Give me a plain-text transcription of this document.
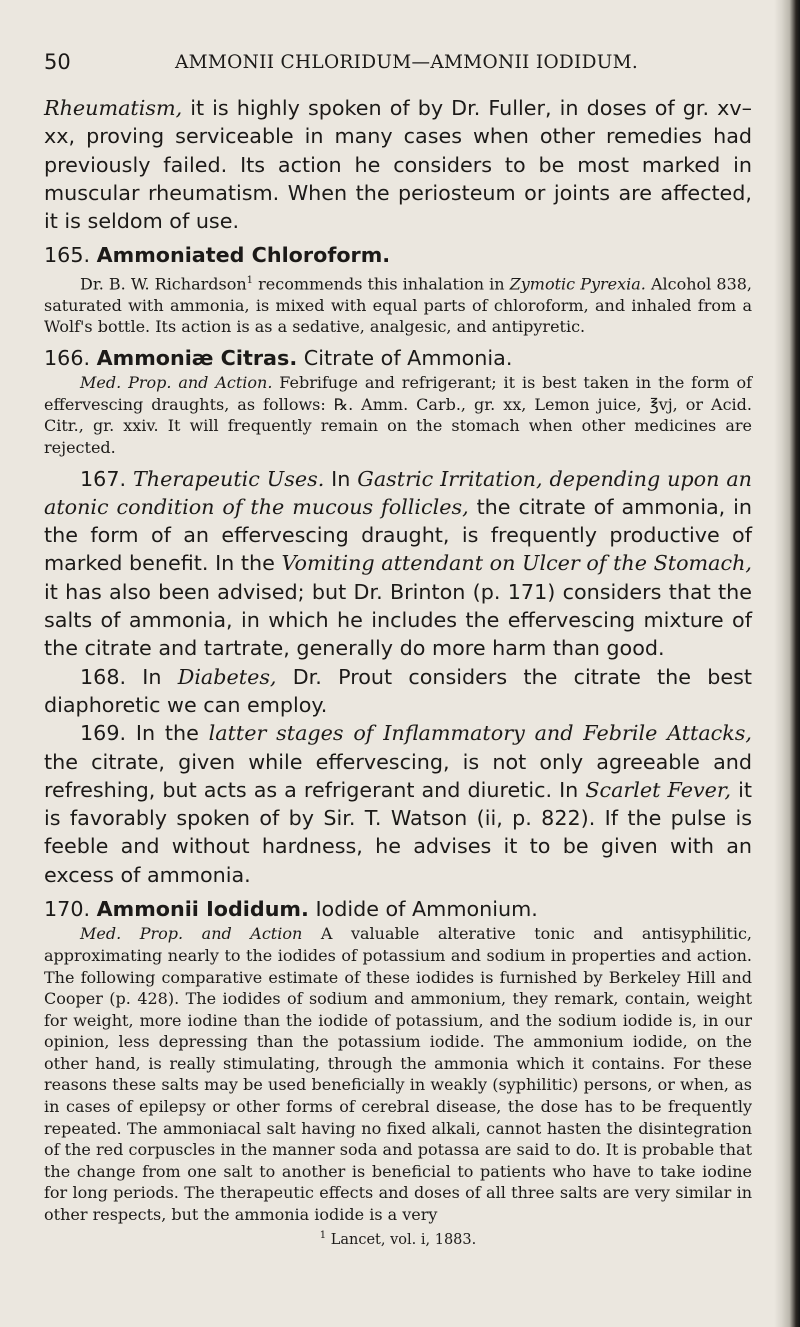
50	AMMONII CHLORIDUM—AMMONII IODIDUM.

Rheumatism, it is highly spoken of by Dr. Fuller, in doses of gr. xv–xx, proving serviceable in many cases when other remedies had previously failed. Its action he considers to be most marked in muscular rheumatism. When the periosteum or joints are affected, it is seldom of use.

165. Ammoniated Chloroform.

Dr. B. W. Richardson$^1$ recommends this inhalation in Zymotic Pyrexia. Alcohol 838, saturated with ammonia, is mixed with equal parts of chloroform, and inhaled from a Wolf's bottle. Its action is as a sedative, analgesic, and antipyretic.

166. Ammoniæ Citras. Citrate of Ammonia.

Med. Prop. and Action. Febrifuge and refrigerant; it is best taken in the form of effervescing draughts, as follows: ℞. Amm. Carb., gr. xx, Lemon juice, ℥vj, or Acid. Citr., gr. xxiv. It will frequently remain on the stomach when other medicines are rejected.

167. Therapeutic Uses. In Gastric Irritation, depending upon an atonic condition of the mucous follicles, the citrate of ammonia, in the form of an effervescing draught, is frequently productive of marked benefit. In the Vomiting attendant on Ulcer of the Stomach, it has also been advised; but Dr. Brinton (p. 171) considers that the salts of ammonia, in which he includes the effervescing mixture of the citrate and tartrate, generally do more harm than good.

168. In Diabetes, Dr. Prout considers the citrate the best diaphoretic we can employ.

169. In the latter stages of Inflammatory and Febrile Attacks, the citrate, given while effervescing, is not only agreeable and refreshing, but acts as a refrigerant and diuretic. In Scarlet Fever, it is favorably spoken of by Sir. T. Watson (ii, p. 822). If the pulse is feeble and without hardness, he advises it to be given with an excess of ammonia.

170. Ammonii Iodidum. Iodide of Ammonium.

Med. Prop. and Action A valuable alterative tonic and antisyphilitic, approximating nearly to the iodides of potassium and sodium in properties and action. The following comparative estimate of these iodides is furnished by Berkeley Hill and Cooper (p. 428). The iodides of sodium and ammonium, they remark, contain, weight for weight, more iodine than the iodide of potassium, and the sodium iodide is, in our opinion, less depressing than the potassium iodide. The ammonium iodide, on the other hand, is really stimulating, through the ammonia which it contains. For these reasons these salts may be used beneficially in weakly (syphilitic) persons, or when, as in cases of epilepsy or other forms of cerebral disease, the dose has to be frequently repeated. The ammoniacal salt having no fixed alkali, cannot hasten the disintegration of the red corpuscles in the manner soda and potassa are said to do. It is probable that the change from one salt to another is beneficial to patients who have to take iodine for long periods. The therapeutic effects and doses of all three salts are very similar in other respects, but the ammonia iodide is a very

$^1$ Lancet, vol. i, 1883.
